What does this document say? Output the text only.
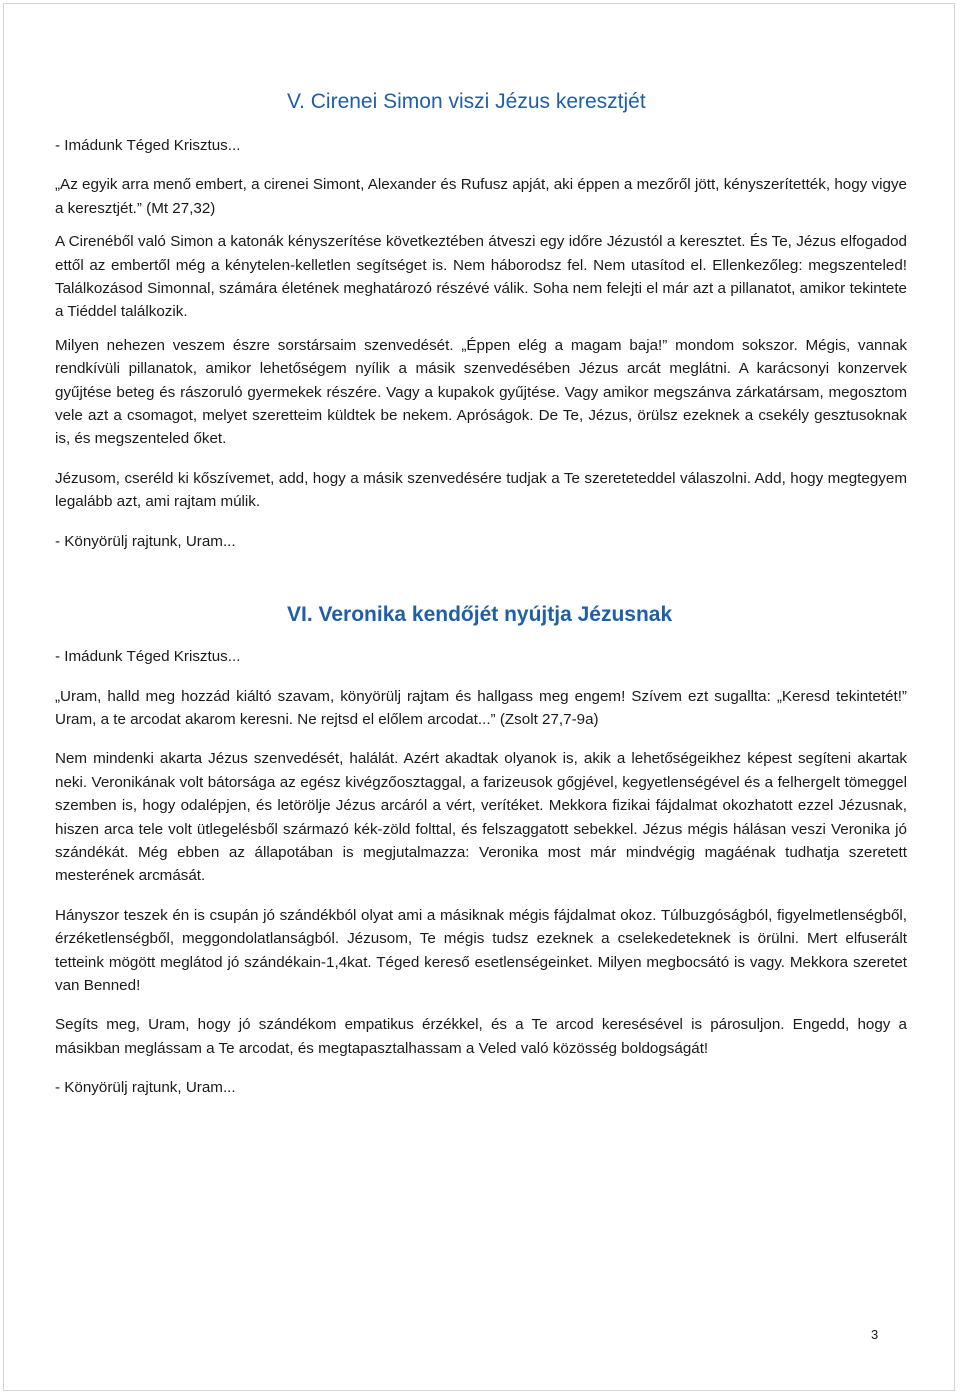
V. Cirenei Simon viszi Jézus keresztjét

- Imádunk Téged Krisztus...

„Az egyik arra menő embert, a cirenei Simont, Alexander és Rufusz apját, aki éppen a mezőről jött, kényszerítették, hogy vigye a keresztjét.” (Mt 27,32)

A Cirenéből való Simon a katonák kényszerítése következtében átveszi egy időre Jézustól a keresztet. És Te, Jézus elfogadod ettől az embertől még a kénytelen-kelletlen segítséget is. Nem háborodsz fel. Nem utasítod el. Ellenkezőleg: megszenteled! Találkozásod Simonnal, számára életének meghatározó részévé válik. Soha nem felejti el már azt a pillanatot, amikor tekintete a Tiéddel találkozik.

Milyen nehezen veszem észre sorstársaim szenvedését. „Éppen elég a magam baja!” mondom sokszor. Mégis, vannak rendkívüli pillanatok, amikor lehetőségem nyílik a másik szenvedésében Jézus arcát meglátni. A karácsonyi konzervek gyűjtése beteg és rászoruló gyermekek részére. Vagy a kupakok gyűjtése. Vagy amikor megszánva zárkatársam, megosztom vele azt a csomagot, melyet szeretteim küldtek be nekem. Apróságok. De Te, Jézus, örülsz ezeknek a csekély gesztusoknak is, és megszenteled őket.

Jézusom, cseréld ki kőszívemet, add, hogy a másik szenvedésére tudjak a Te szereteteddel válaszolni. Add, hogy megtegyem legalább azt, ami rajtam múlik.

- Könyörülj rajtunk, Uram...

VI. Veronika kendőjét nyújtja Jézusnak

- Imádunk Téged Krisztus...

„Uram, halld meg hozzád kiáltó szavam, könyörülj rajtam és hallgass meg engem! Szívem ezt sugallta: „Keresd tekintetét!” Uram, a te arcodat akarom keresni. Ne rejtsd el előlem arcodat...” (Zsolt 27,7-9a)

Nem mindenki akarta Jézus szenvedését, halálát. Azért akadtak olyanok is, akik a lehetőségeikhez képest segíteni akartak neki. Veronikának volt bátorsága az egész kivégzőosztaggal, a farizeusok gőgjével, kegyetlenségével és a felhergelt tömeggel szemben is, hogy odalépjen, és letörölje Jézus arcáról a vért, verítéket. Mekkora fizikai fájdalmat okozhatott ezzel Jézusnak, hiszen arca tele volt ütlegelésből származó kék-zöld folttal, és felszaggatott sebekkel. Jézus mégis hálásan veszi Veronika jó szándékát. Még ebben az állapotában is megjutalmazza: Veronika most már mindvégig magáénak tudhatja szeretett mesterének arcmását.

Hányszor teszek én is csupán jó szándékból olyat ami a másiknak mégis fájdalmat okoz. Túlbuzgóságból, figyelmetlenségből, érzéketlenségből, meggondolatlanságból. Jézusom, Te mégis tudsz ezeknek a cselekedeteknek is örülni. Mert elfuserált tetteink mögött meglátod jó szándékain-1,4kat. Téged kereső esetlenségeinket. Milyen megbocsátó is vagy. Mekkora szeretet van Benned!

Segíts meg, Uram, hogy jó szándékom empatikus érzékkel, és a Te arcod keresésével is párosuljon. Engedd, hogy a másikban meglássam a Te arcodat, és megtapasztalhassam a Veled való közösség boldogságát!

- Könyörülj rajtunk, Uram...

3
